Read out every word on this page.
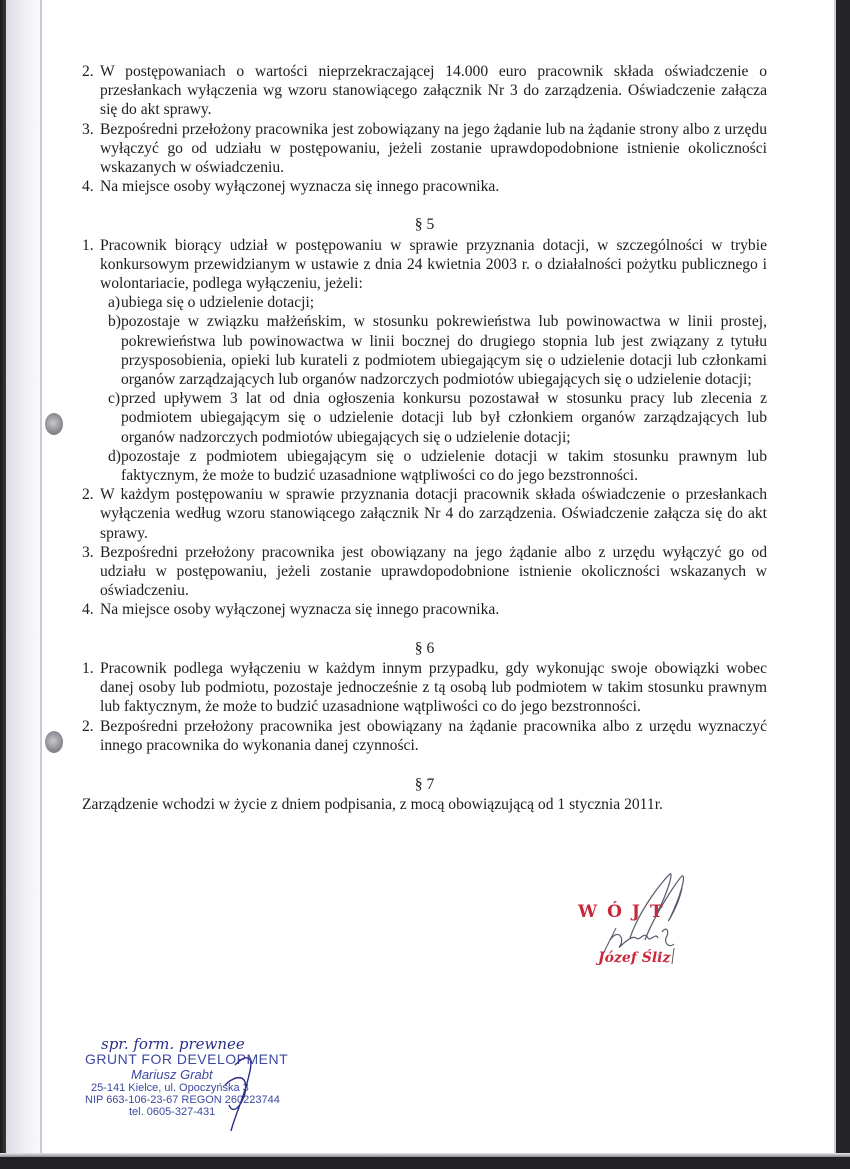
2. W postępowaniach o wartości nieprzekraczającej 14.000 euro pracownik składa oświadczenie o przesłankach wyłączenia wg wzoru stanowiącego załącznik Nr 3 do zarządzenia. Oświadczenie załącza się do akt sprawy.
3. Bezpośredni przełożony pracownika jest zobowiązany na jego żądanie lub na żądanie strony albo z urzędu wyłączyć go od udziału w postępowaniu, jeżeli zostanie uprawdopodobnione istnienie okoliczności wskazanych w oświadczeniu.
4. Na miejsce osoby wyłączonej wyznacza się innego pracownika.
§ 5
1. Pracownik biorący udział w postępowaniu w sprawie przyznania dotacji, w szczególności w trybie konkursowym przewidzianym w ustawie z dnia 24 kwietnia 2003 r. o działalności pożytku publicznego i wolontariacie, podlega wyłączeniu, jeżeli:
a) ubiega się o udzielenie dotacji;
b) pozostaje w związku małżeńskim, w stosunku pokrewieństwa lub powinowactwa w linii prostej, pokrewieństwa lub powinowactwa w linii bocznej do drugiego stopnia lub jest związany z tytułu przysposobienia, opieki lub kurateli z podmiotem ubiegającym się o udzielenie dotacji lub członkami organów zarządzających lub organów nadzorczych podmiotów ubiegających się o udzielenie dotacji;
c) przed upływem 3 lat od dnia ogłoszenia konkursu pozostawał w stosunku pracy lub zlecenia z podmiotem ubiegającym się o udzielenie dotacji lub był członkiem organów zarządzających lub organów nadzorczych podmiotów ubiegających się o udzielenie dotacji;
d) pozostaje z podmiotem ubiegającym się o udzielenie dotacji w takim stosunku prawnym lub faktycznym, że może to budzić uzasadnione wątpliwości co do jego bezstronności.
2. W każdym postępowaniu w sprawie przyznania dotacji pracownik składa oświadczenie o przesłankach wyłączenia według wzoru stanowiącego załącznik Nr 4 do zarządzenia. Oświadczenie załącza się do akt sprawy.
3. Bezpośredni przełożony pracownika jest obowiązany na jego żądanie albo z urzędu wyłączyć go od udziału w postępowaniu, jeżeli zostanie uprawdopodobnione istnienie okoliczności wskazanych w oświadczeniu.
4. Na miejsce osoby wyłączonej wyznacza się innego pracownika.
§ 6
1. Pracownik podlega wyłączeniu w każdym innym przypadku, gdy wykonując swoje obowiązki wobec danej osoby lub podmiotu, pozostaje jednocześnie z tą osobą lub podmiotem w takim stosunku prawnym lub faktycznym, że może to budzić uzasadnione wątpliwości co do jego bezstronności.
2. Bezpośredni przełożony pracownika jest obowiązany na żądanie pracownika albo z urzędu wyznaczyć innego pracownika do wykonania danej czynności.
§ 7
Zarządzenie wchodzi w życie z dniem podpisania, z mocą obowiązującą od 1 stycznia 2011r.
WÓJT
Józef Śliz
spr. form. prewnee
GRUNT FOR DEVELOPMENT
Mariusz Grabt
25-141 Kielce, ul. Opoczyńska 3
NIP 663-106-23-67 REGON 260223744
tel. 0605-327-431
